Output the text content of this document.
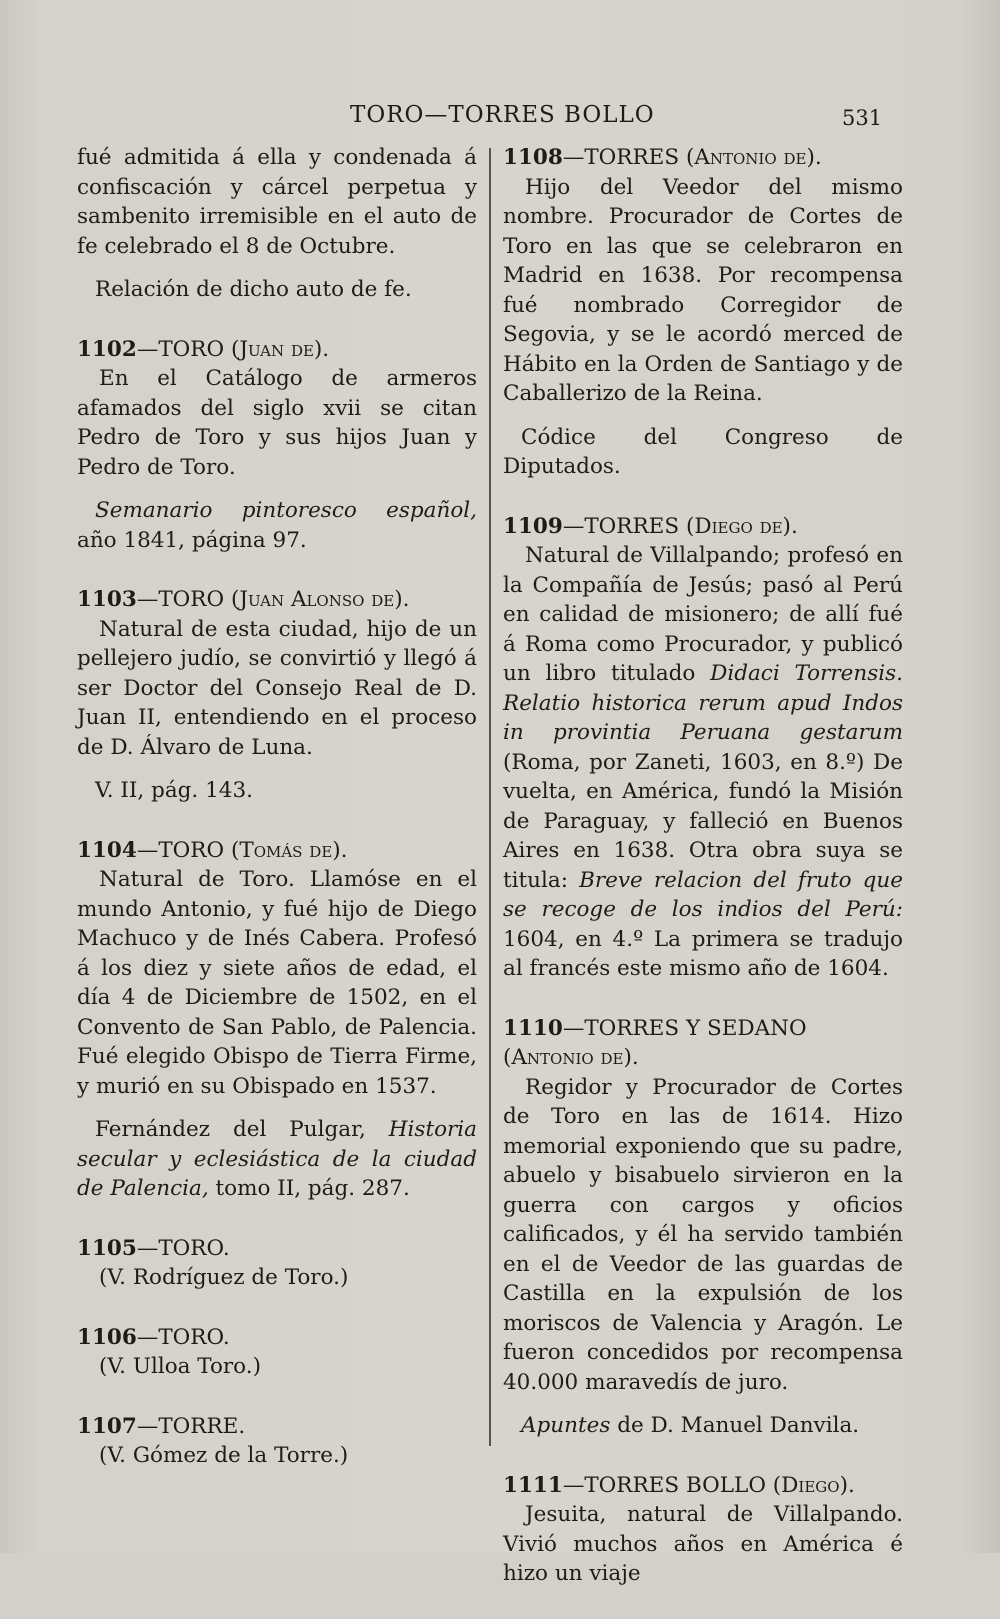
TORO—TORRES BOLLO	531

fué admitida á ella y condenada á confiscación y cárcel perpetua y sambenito irremisible en el auto de fe celebrado el 8 de Octubre.

Relación de dicho auto de fe.

1102—TORO (Juan de).

En el Catálogo de armeros afamados del siglo xvii se citan Pedro de Toro y sus hijos Juan y Pedro de Toro.

Semanario pintoresco español, año 1841, página 97.

1103—TORO (Juan Alonso de).

Natural de esta ciudad, hijo de un pellejero judío, se convirtió y llegó á ser Doctor del Consejo Real de D. Juan II, entendiendo en el proceso de D. Álvaro de Luna.

V. II, pág. 143.

1104—TORO (Tomás de).

Natural de Toro. Llamóse en el mundo Antonio, y fué hijo de Diego Machuco y de Inés Cabera. Profesó á los diez y siete años de edad, el día 4 de Diciembre de 1502, en el Convento de San Pablo, de Palencia. Fué elegido Obispo de Tierra Firme, y murió en su Obispado en 1537.

Fernández del Pulgar, Historia secular y eclesiástica de la ciudad de Palencia, tomo II, pág. 287.

1105—TORO.

(V. Rodríguez de Toro.)

1106—TORO.

(V. Ulloa Toro.)

1107—TORRE.

(V. Gómez de la Torre.)

1108—TORRES (Antonio de).

Hijo del Veedor del mismo nombre. Procurador de Cortes de Toro en las que se celebraron en Madrid en 1638. Por recompensa fué nombrado Corregidor de Segovia, y se le acordó merced de Hábito en la Orden de Santiago y de Caballerizo de la Reina.

Códice del Congreso de Diputados.

1109—TORRES (Diego de).

Natural de Villalpando; profesó en la Compañía de Jesús; pasó al Perú en calidad de misionero; de allí fué á Roma como Procurador, y publicó un libro titulado Didaci Torrensis. Relatio historica rerum apud Indos in provintia Peruana gestarum (Roma, por Zaneti, 1603, en 8.º) De vuelta, en América, fundó la Misión de Paraguay, y falleció en Buenos Aires en 1638. Otra obra suya se titula: Breve relacion del fruto que se recoge de los indios del Perú: 1604, en 4.º La primera se tradujo al francés este mismo año de 1604.

1110—TORRES Y SEDANO (Antonio de).

Regidor y Procurador de Cortes de Toro en las de 1614. Hizo memorial exponiendo que su padre, abuelo y bisabuelo sirvieron en la guerra con cargos y oficios calificados, y él ha servido también en el de Veedor de las guardas de Castilla en la expulsión de los moriscos de Valencia y Aragón. Le fueron concedidos por recompensa 40.000 maravedís de juro.

Apuntes de D. Manuel Danvila.

1111—TORRES BOLLO (Diego).

Jesuita, natural de Villalpando. Vivió muchos años en América é hizo un viaje
